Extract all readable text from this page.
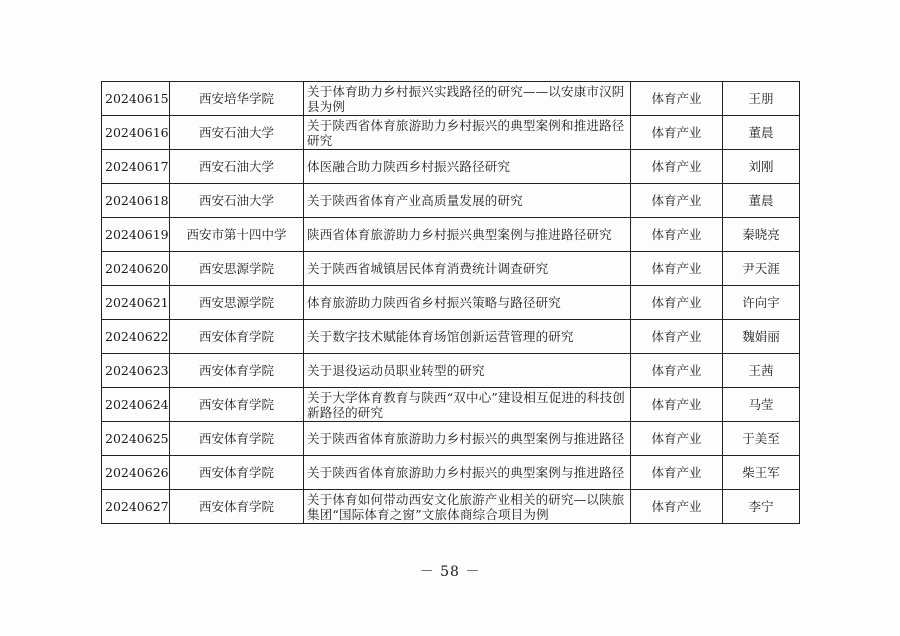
20240615	西安培华学院	关于体育助力乡村振兴实践路径的研究——以安康市汉阴县为例	体育产业	王朋
20240616	西安石油大学	关于陕西省体育旅游助力乡村振兴的典型案例和推进路径研究	体育产业	董晨
20240617	西安石油大学	体医融合助力陕西乡村振兴路径研究	体育产业	刘刚
20240618	西安石油大学	关于陕西省体育产业高质量发展的研究	体育产业	董晨
20240619	西安市第十四中学	陕西省体育旅游助力乡村振兴典型案例与推进路径研究	体育产业	秦晓亮
20240620	西安思源学院	关于陕西省城镇居民体育消费统计调查研究	体育产业	尹天涯
20240621	西安思源学院	体育旅游助力陕西省乡村振兴策略与路径研究	体育产业	许向宇
20240622	西安体育学院	关于数字技术赋能体育场馆创新运营管理的研究	体育产业	魏娟丽
20240623	西安体育学院	关于退役运动员职业转型的研究	体育产业	王茜
20240624	西安体育学院	关于大学体育教育与陕西“双中心”建设相互促进的科技创新路径的研究	体育产业	马莹
20240625	西安体育学院	关于陕西省体育旅游助力乡村振兴的典型案例与推进路径	体育产业	于美至
20240626	西安体育学院	关于陕西省体育旅游助力乡村振兴的典型案例与推进路径	体育产业	柴王军
20240627	西安体育学院	关于体育如何带动西安文化旅游产业相关的研究—以陕旅集团“国际体育之窗”文旅体商综合项目为例	体育产业	李宁
－ 58 －
